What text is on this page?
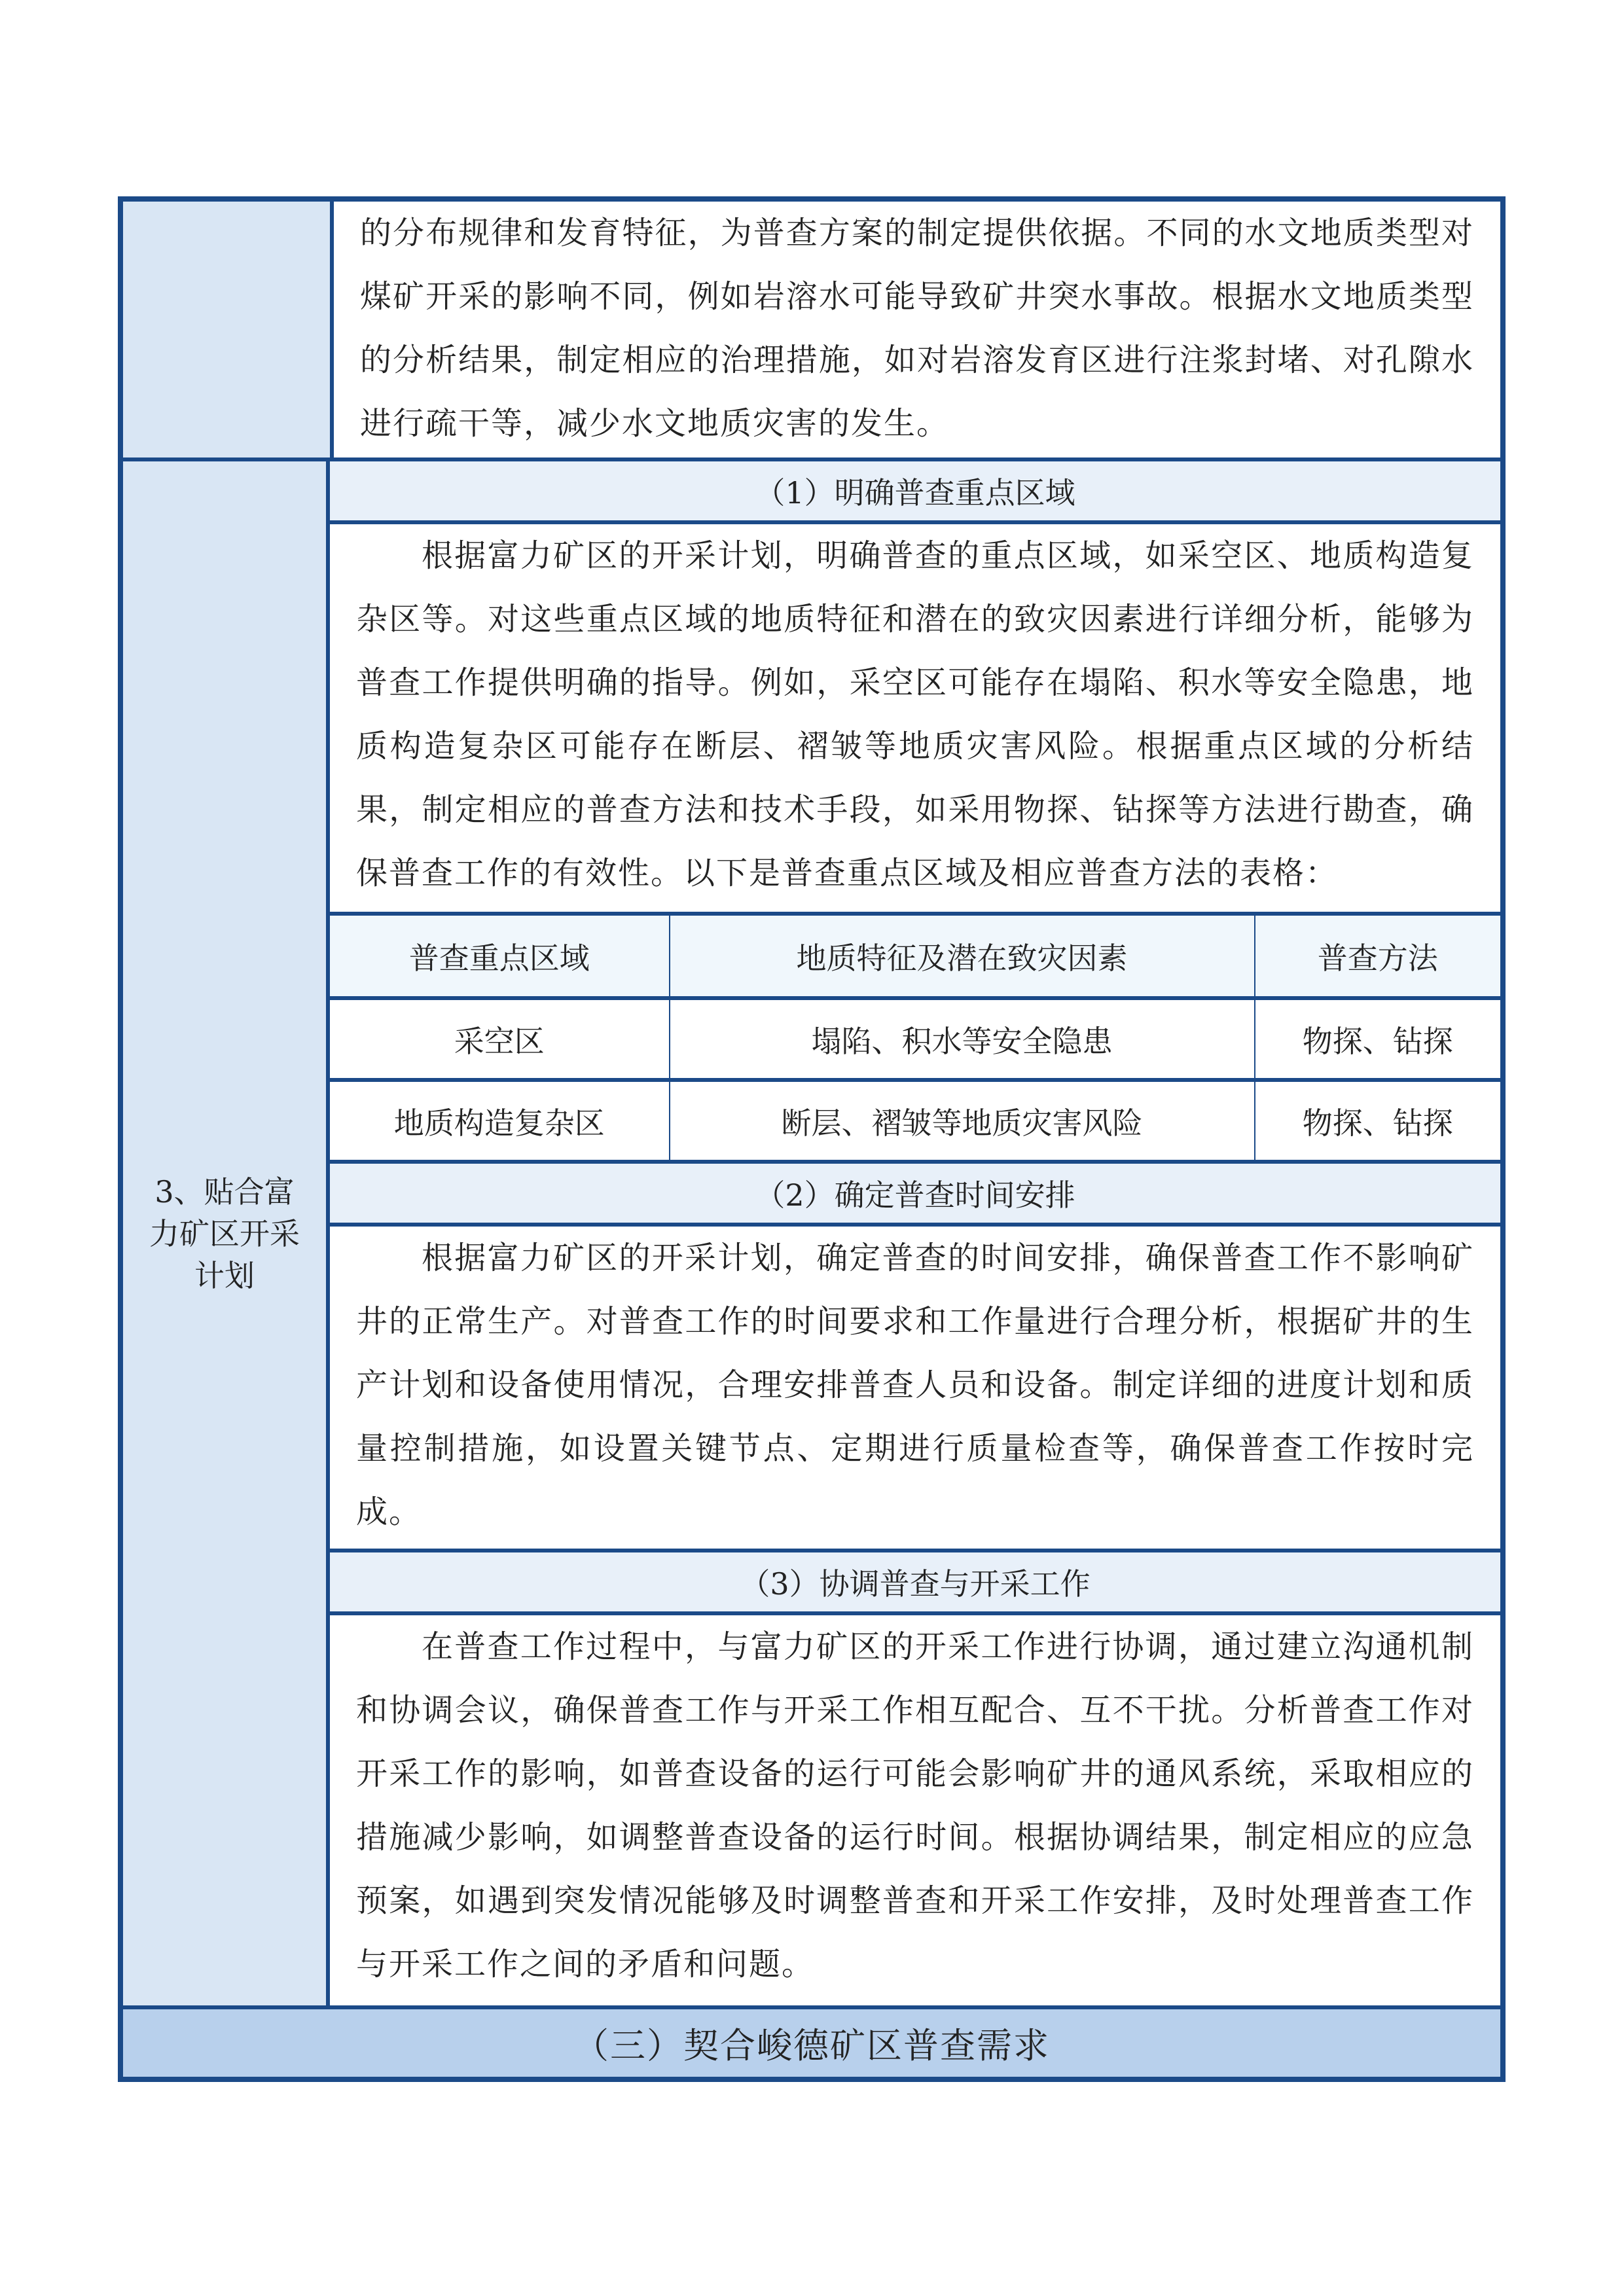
的分布规律和发育特征，为普查方案的制定提供依据。不同的水文地质类型对煤矿开采的影响不同，例如岩溶水可能导致矿井突水事故。根据水文地质类型的分析结果，制定相应的治理措施，如对岩溶发育区进行注浆封堵、对孔隙水进行疏干等，减少水文地质灾害的发生。
3、贴合富力矿区开采计划
（1）明确普查重点区域
根据富力矿区的开采计划，明确普查的重点区域，如采空区、地质构造复杂区等。对这些重点区域的地质特征和潜在的致灾因素进行详细分析，能够为普查工作提供明确的指导。例如，采空区可能存在塌陷、积水等安全隐患，地质构造复杂区可能存在断层、褶皱等地质灾害风险。根据重点区域的分析结果，制定相应的普查方法和技术手段，如采用物探、钻探等方法进行勘查，确保普查工作的有效性。以下是普查重点区域及相应普查方法的表格：
普查重点区域	地质特征及潜在致灾因素	普查方法
采空区	塌陷、积水等安全隐患	物探、钻探
地质构造复杂区	断层、褶皱等地质灾害风险	物探、钻探
（2）确定普查时间安排
根据富力矿区的开采计划，确定普查的时间安排，确保普查工作不影响矿井的正常生产。对普查工作的时间要求和工作量进行合理分析，根据矿井的生产计划和设备使用情况，合理安排普查人员和设备。制定详细的进度计划和质量控制措施，如设置关键节点、定期进行质量检查等，确保普查工作按时完成。
（3）协调普查与开采工作
在普查工作过程中，与富力矿区的开采工作进行协调，通过建立沟通机制和协调会议，确保普查工作与开采工作相互配合、互不干扰。分析普查工作对开采工作的影响，如普查设备的运行可能会影响矿井的通风系统，采取相应的措施减少影响，如调整普查设备的运行时间。根据协调结果，制定相应的应急预案，如遇到突发情况能够及时调整普查和开采工作安排，及时处理普查工作与开采工作之间的矛盾和问题。
（三）契合峻德矿区普查需求
